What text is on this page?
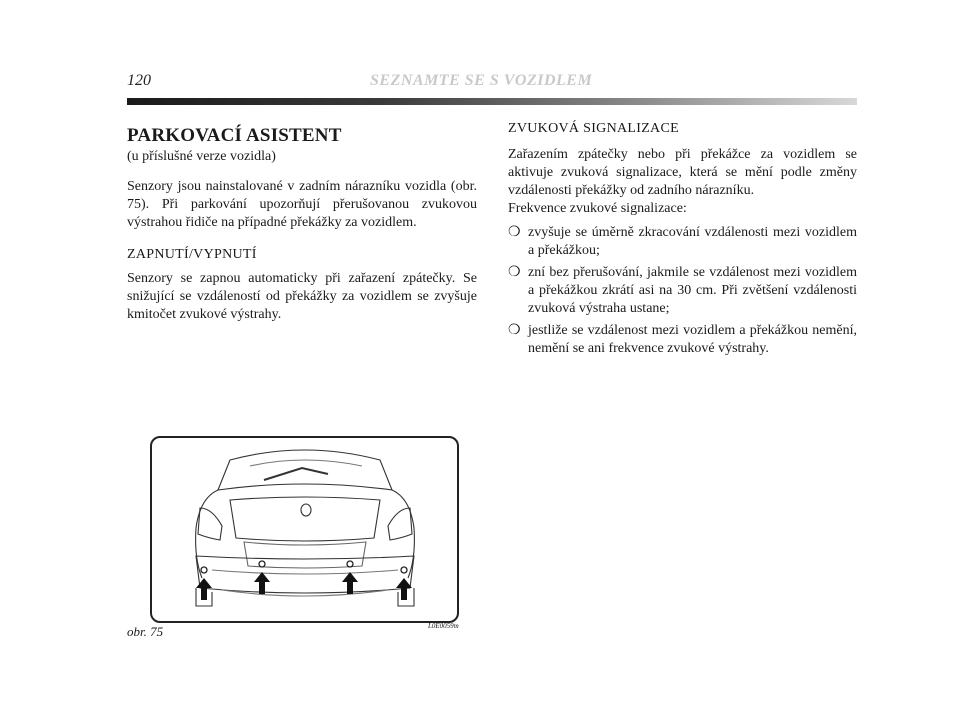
120	SEZNAMTE SE S VOZIDLEM
PARKOVACÍ ASISTENT
(u příslušné verze vozidla)

Senzory jsou nainstalované v zadním nárazníku vozidla (obr. 75). Při parkování upozorňují přerušovanou zvukovou výstrahou řidiče na případné překážky za vozidlem.

ZAPNUTÍ/VYPNUTÍ

Senzory se zapnou automaticky při zařazení zpátečky. Se snižující se vzdáleností od překážky za vozidlem se zvyšuje kmitočet zvukové výstrahy.

ZVUKOVÁ SIGNALIZACE

Zařazením zpátečky nebo při překážce za vozidlem se aktivuje zvuková signalizace, která se mění podle změny vzdálenosti překážky od zadního nárazníku.

Frekvence zvukové signalizace:

❍ zvyšuje se úměrně zkracování vzdálenosti mezi vozidlem a překážkou;
❍ zní bez přerušování, jakmile se vzdálenost mezi vozidlem a překážkou zkrátí asi na 30 cm. Při zvětšení vzdálenosti zvuková výstraha ustane;
❍ jestliže se vzdálenost mezi vozidlem a překážkou nemění, nemění se ani frekvence zvukové výstrahy.
obr. 75	L0E0059m
